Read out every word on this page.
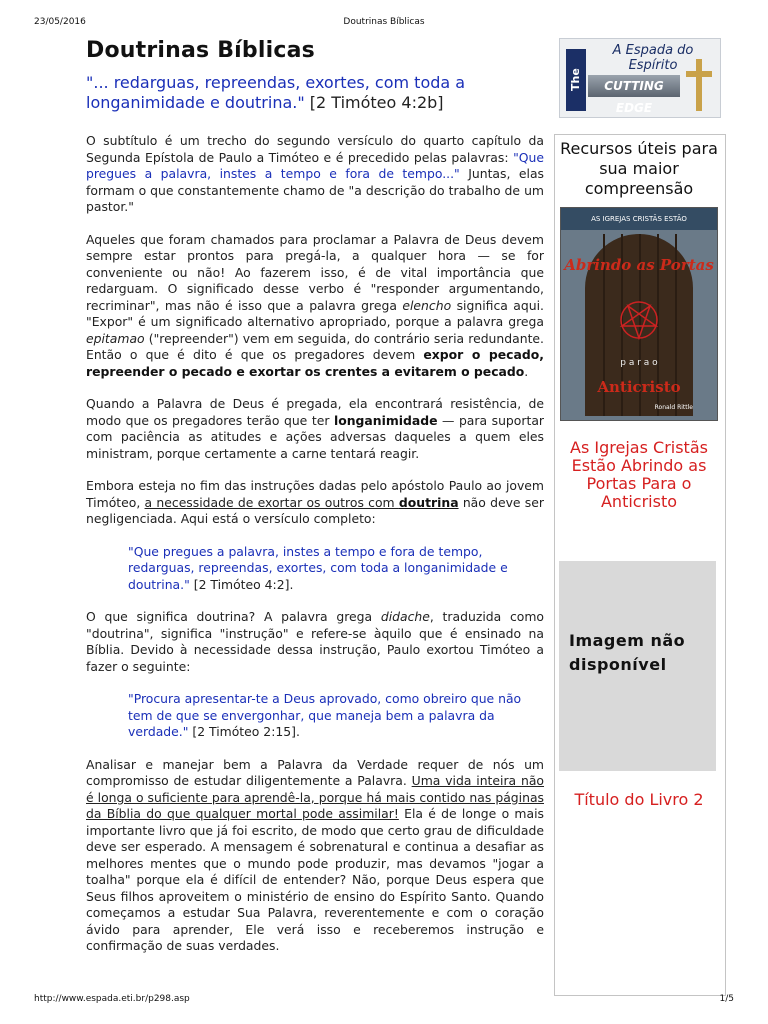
23/05/2016	Doutrinas Bíblicas
Doutrinas Bíblicas
"... redarguas, repreendas, exortes, com toda a longanimidade e doutrina." [2 Timóteo 4:2b]

O subtítulo é um trecho do segundo versículo do quarto capítulo da Segunda Epístola de Paulo a Timóteo e é precedido pelas palavras: "Que pregues a palavra, instes a tempo e fora de tempo..." Juntas, elas formam o que constantemente chamo de "a descrição do trabalho de um pastor."

Aqueles que foram chamados para proclamar a Palavra de Deus devem sempre estar prontos para pregá-la, a qualquer hora — se for conveniente ou não! Ao fazerem isso, é de vital importância que redarguam. O significado desse verbo é "responder argumentando, recriminar", mas não é isso que a palavra grega elencho significa aqui. "Expor" é um significado alternativo apropriado, porque a palavra grega epitamao ("repreender") vem em seguida, do contrário seria redundante. Então o que é dito é que os pregadores devem expor o pecado, repreender o pecado e exortar os crentes a evitarem o pecado.

Quando a Palavra de Deus é pregada, ela encontrará resistência, de modo que os pregadores terão que ter longanimidade — para suportar com paciência as atitudes e ações adversas daqueles a quem eles ministram, porque certamente a carne tentará reagir.

Embora esteja no fim das instruções dadas pelo apóstolo Paulo ao jovem Timóteo, a necessidade de exortar os outros com doutrina não deve ser negligenciada. Aqui está o versículo completo:

"Que pregues a palavra, instes a tempo e fora de tempo, redarguas, repreendas, exortes, com toda a longanimidade e doutrina." [2 Timóteo 4:2].

O que significa doutrina? A palavra grega didache, traduzida como "doutrina", significa "instrução" e refere-se àquilo que é ensinado na Bíblia. Devido à necessidade dessa instrução, Paulo exortou Timóteo a fazer o seguinte:

"Procura apresentar-te a Deus aprovado, como obreiro que não tem de que se envergonhar, que maneja bem a palavra da verdade." [2 Timóteo 2:15].

Analisar e manejar bem a Palavra da Verdade requer de nós um compromisso de estudar diligentemente a Palavra. Uma vida inteira não é longa o suficiente para aprendê-la, porque há mais contido nas páginas da Bíblia do que qualquer mortal pode assimilar! Ela é de longe o mais importante livro que já foi escrito, de modo que certo grau de dificuldade deve ser esperado. A mensagem é sobrenatural e continua a desafiar as melhores mentes que o mundo pode produzir, mas devamos "jogar a toalha" porque ela é difícil de entender? Não, porque Deus espera que Seus filhos aproveitem o ministério de ensino do Espírito Santo. Quando começamos a estudar Sua Palavra, reverentemente e com o coração ávido para aprender, Ele verá isso e receberemos instrução e confirmação de suas verdades.

The
A Espada do Espírito
CUTTING EDGE
Recursos úteis para sua maior compreensão
AS IGREJAS CRISTÃS ESTÃO
Abrindo as Portas
p a r a o
Anticristo
Ronald Rittle
As Igrejas Cristãs Estão Abrindo as Portas Para o Anticristo
Imagem não disponível
Título do Livro 2
http://www.espada.eti.br/p298.asp	1/5
